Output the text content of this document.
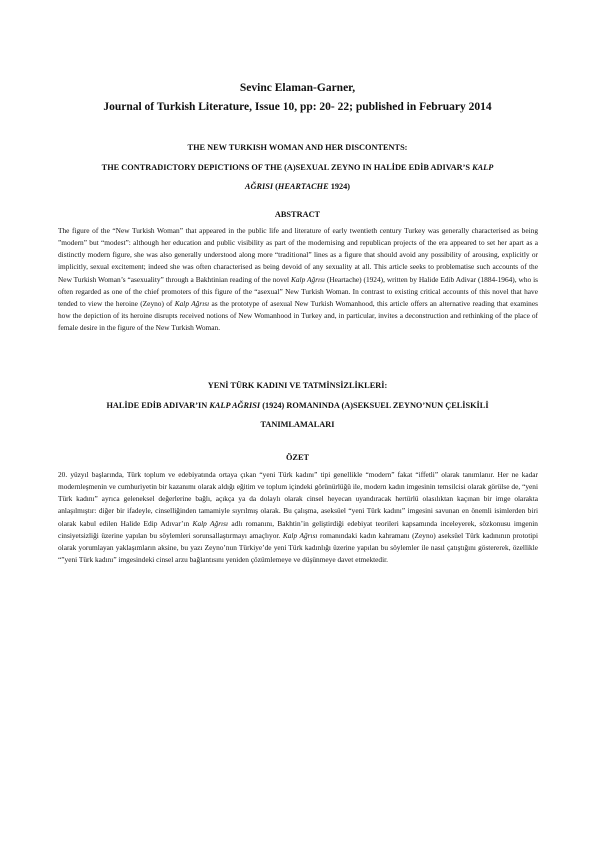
Sevinc Elaman-Garner,
Journal of Turkish Literature, Issue 10, pp: 20- 22; published in February 2014
THE NEW TURKISH WOMAN AND HER DISCONTENTS:
THE CONTRADICTORY DEPICTIONS OF THE (A)SEXUAL ZEYNO IN HALİDE EDİB ADIVAR’S KALP
AĞRISI (HEARTACHE 1924)
ABSTRACT
The figure of the “New Turkish Woman” that appeared in the public life and literature of early twentieth century Turkey was generally characterised as being ”modern” but “modest”: although her education and public visibility as part of the modernising and republican projects of the era appeared to set her apart as a distinctly modern figure, she was also generally understood along more “traditional” lines as a figure that should avoid any possibility of arousing, explicitly or implicitly, sexual excitement; indeed she was often characterised as being devoid of any sexuality at all. This article seeks to problematise such accounts of the New Turkish Woman’s “asexuality” through a Bakhtinian reading of the novel Kalp Ağrısı (Heartache) (1924), written by Halide Edib Adivar (1884-1964), who is often regarded as one of the chief promoters of this figure of the “asexual” New Turkish Woman. In contrast to existing critical accounts of this novel that have tended to view the heroine (Zeyno) of Kalp Ağrısı as the prototype of asexual New Turkish Womanhood, this article offers an alternative reading that examines how the depiction of its heroine disrupts received notions of New Womanhood in Turkey and, in particular, invites a deconstruction and rethinking of the place of female desire in the figure of the New Turkish Woman.
YENİ TÜRK KADINI VE TATMİNSİZLİKLERİ:
HALİDE EDİB ADIVAR’IN KALP AĞRISI (1924) ROMANINDA (A)SEKSUEL ZEYNO’NUN ÇELİSKİLİ
TANIMLAMALARI
ÖZET
20. yüzyıl başlarında, Türk toplum ve edebiyatında ortaya çıkan “yeni Türk kadını” tipi genellikle “modern” fakat “iffetli” olarak tanımlanır. Her ne kadar modernleşmenin ve cumhuriyetin bir kazanımı olarak aldığı eğitim ve toplum içindeki görünürlüğü ile, modern kadın imgesinin temsilcisi olarak görülse de, “yeni Türk kadını” ayrıca geleneksel değerlerine bağlı, açıkça ya da dolaylı olarak cinsel heyecan uyandıracak hertürlü olasılıktan kaçınan bir imge olarakta anlaşılmıştır: diğer bir ifadeyle, cinselliğinden tamamiyle sıyrılmış olarak. Bu çalışma, aseksüel “yeni Türk kadını” imgesini savunan en önemli isimlerden biri olarak kabul edilen Halide Edip Adıvar’ın Kalp Ağrısı adlı romanını, Bakhtin’in geliştirdiği edebiyat teorileri kapsamında inceleyerek, sözkonusu imgenin cinsiyetsizliği üzerine yapılan bu söylemleri sorunsallaştırmayı amaçlıyor. Kalp Ağrısı romanındaki kadın kahramanı (Zeyno) aseksüel Türk kadınının prototipi olarak yorumlayan yaklaşımların aksine, bu yazı Zeyno’nun Türkiye’de yeni Türk kadınlığı üzerine yapılan bu söylemler ile nasıl çatıştığını göstererek, özellikle “”yeni Türk kadını” imgesindeki cinsel arzu bağlantısını yeniden çözümlemeye ve düşünmeye davet etmektedir.
